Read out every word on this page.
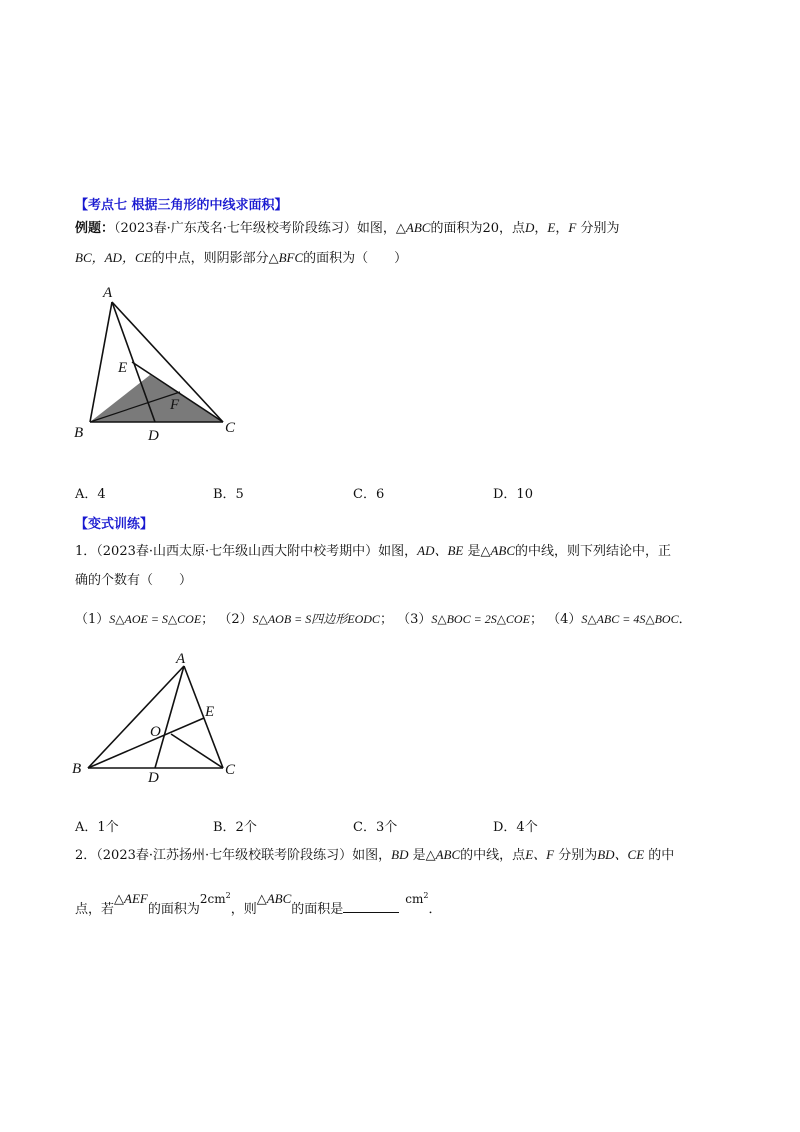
【考点七 根据三角形的中线求面积】
例题：（2023春·广东茂名·七年级校考阶段练习）如图，△ABC的面积为20，点D，E，F 分别为
BC，AD，CE的中点，则阴影部分△BFC的面积为（　　）
A
B	C
D
E
F
A．4	B．5	C．6	D．10
【变式训练】
1．（2023春·山西太原·七年级山西大附中校考期中）如图，AD、BE 是△ABC的中线，则下列结论中，正
确的个数有（　　）
（1）S△AOE = S△COE； （2）S△AOB = S四边形EODC； （3）S△BOC = 2S△COE； （4）S△ABC = 4S△BOC．
A
B	C
D
E
O
A．1个	B．2个	C．3个	D．4个
2．（2023春·江苏扬州·七年级校联考阶段练习）如图，BD 是△ABC的中线，点E、F 分别为BD、CE 的中
点，若△AEF的面积为$2cm^2$，则△ABC的面积是$cm^2$．
